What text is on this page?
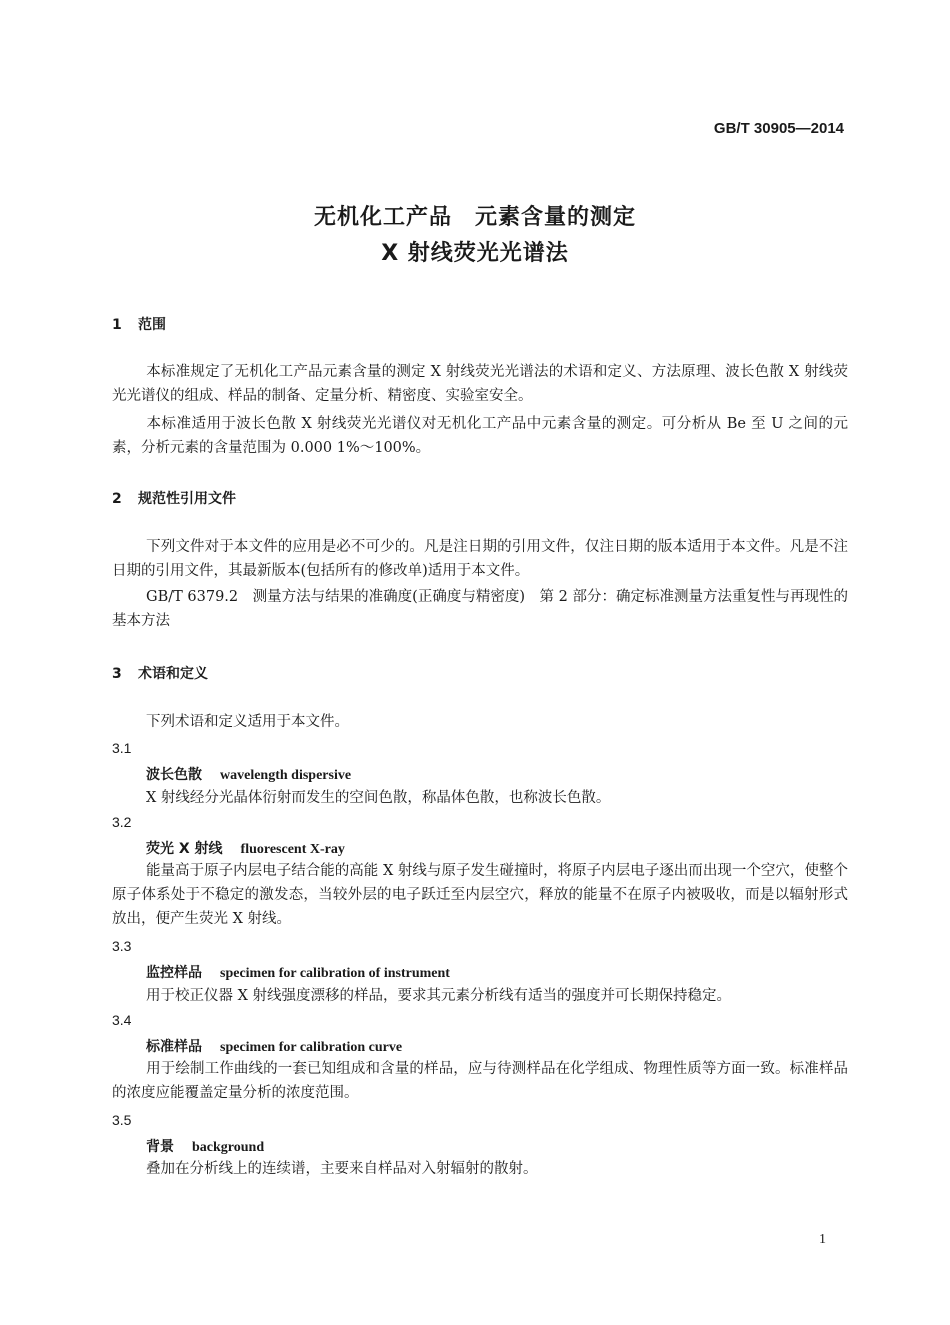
GB/T 30905—2014
无机化工产品　元素含量的测定
X 射线荧光光谱法
1 范围
本标准规定了无机化工产品元素含量的测定 X 射线荧光光谱法的术语和定义、方法原理、波长色散 X 射线荧光光谱仪的组成、样品的制备、定量分析、精密度、实验室安全。
本标准适用于波长色散 X 射线荧光光谱仪对无机化工产品中元素含量的测定。可分析从 Be 至 U 之间的元素，分析元素的含量范围为 0.000 1%～100%。
2 规范性引用文件
下列文件对于本文件的应用是必不可少的。凡是注日期的引用文件，仅注日期的版本适用于本文件。凡是不注日期的引用文件，其最新版本(包括所有的修改单)适用于本文件。
GB/T 6379.2　测量方法与结果的准确度(正确度与精密度)　第 2 部分：确定标准测量方法重复性与再现性的基本方法
3 术语和定义
下列术语和定义适用于本文件。
3.1
波长色散 wavelength dispersive
X 射线经分光晶体衍射而发生的空间色散，称晶体色散，也称波长色散。
3.2
荧光 X 射线 fluorescent X-ray
能量高于原子内层电子结合能的高能 X 射线与原子发生碰撞时，将原子内层电子逐出而出现一个空穴，使整个原子体系处于不稳定的激发态，当较外层的电子跃迁至内层空穴，释放的能量不在原子内被吸收，而是以辐射形式放出，便产生荧光 X 射线。
3.3
监控样品 specimen for calibration of instrument
用于校正仪器 X 射线强度漂移的样品，要求其元素分析线有适当的强度并可长期保持稳定。
3.4
标准样品 specimen for calibration curve
用于绘制工作曲线的一套已知组成和含量的样品，应与待测样品在化学组成、物理性质等方面一致。标准样品的浓度应能覆盖定量分析的浓度范围。
3.5
背景 background
叠加在分析线上的连续谱，主要来自样品对入射辐射的散射。
1
